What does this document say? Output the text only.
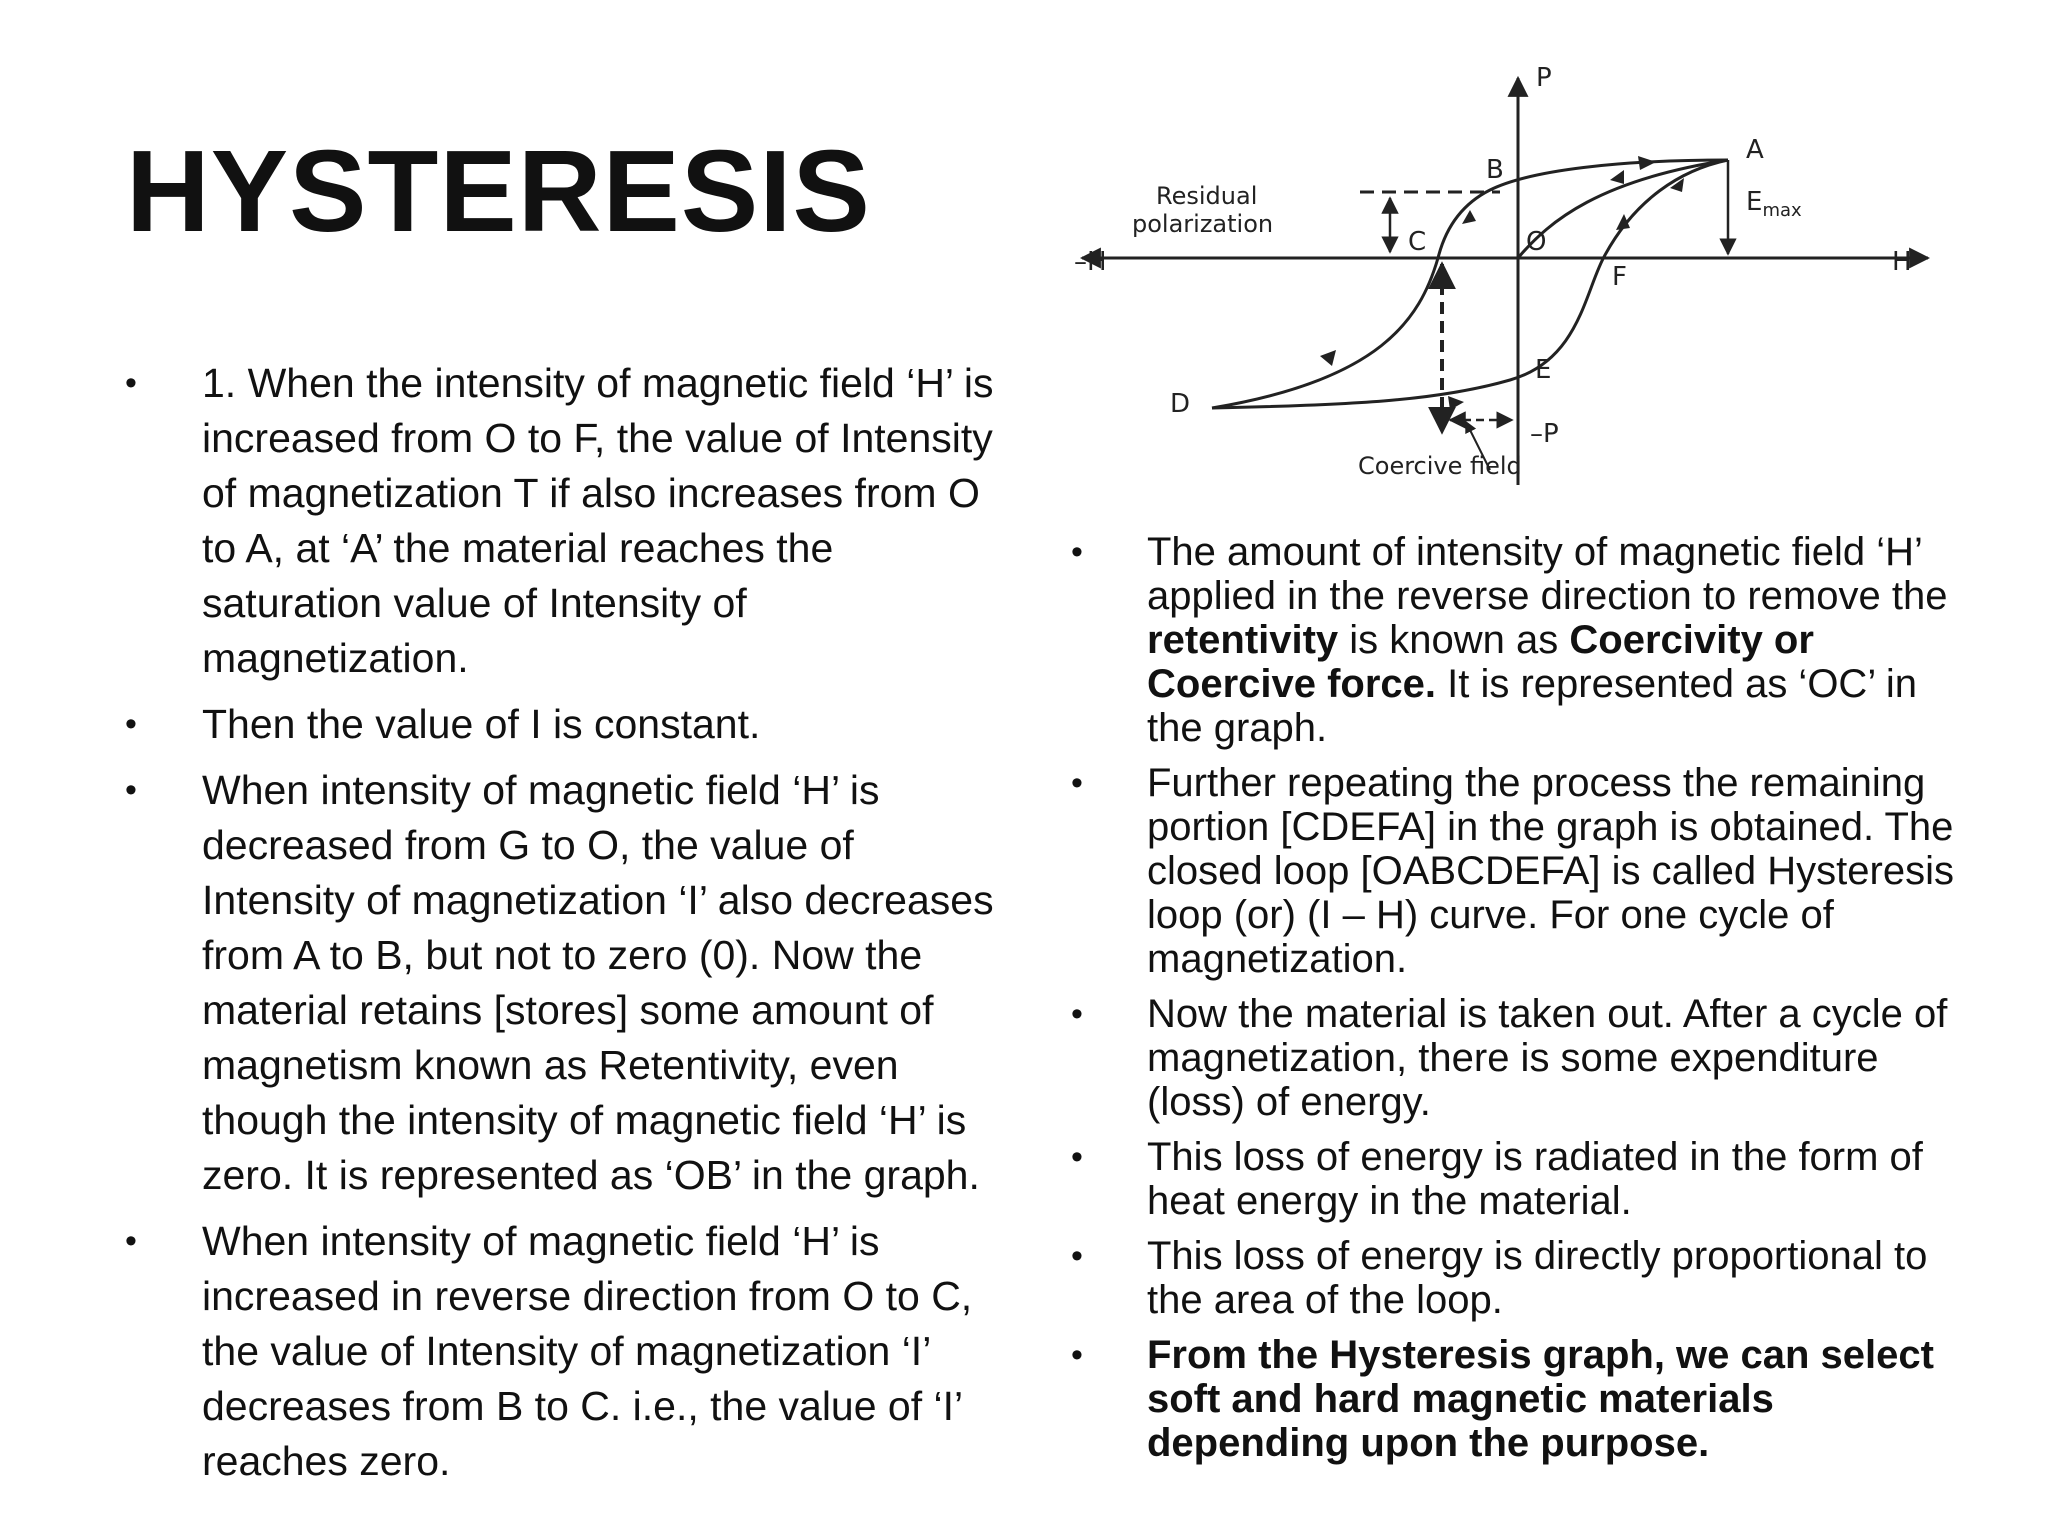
HYSTERESIS
P
H
–H
A
B
C	O
F
D
E
–P
$E_{max}$
Residual
polarization
Coercive field
• 1. When the intensity of magnetic field ‘H’ is increased from O to F, the value of Intensity of magnetization T if also increases from O to A, at ‘A’ the material reaches the saturation value of Intensity of magnetization.
• Then the value of I is constant.
• When intensity of magnetic field ‘H’ is decreased from G to O, the value of Intensity of magnetization ‘I’ also decreases from A to B, but not to zero (0). Now the material retains [stores] some amount of magnetism known as Retentivity, even though the intensity of magnetic field ‘H’ is zero. It is represented as ‘OB’ in the graph.
• When intensity of magnetic field ‘H’ is increased in reverse direction from O to C, the value of Intensity of magnetization ‘I’ decreases from B to C. i.e., the value of ‘I’ reaches zero.
• The amount of intensity of magnetic field ‘H’ applied in the reverse direction to remove the retentivity is known as Coercivity or Coercive force. It is represented as ‘OC’ in the graph.
• Further repeating the process the remaining portion [CDEFA] in the graph is obtained. The closed loop [OABCDEFA] is called Hysteresis loop (or) (I – H) curve. For one cycle of magnetization.
• Now the material is taken out. After a cycle of magnetization, there is some expenditure (loss) of energy.
• This loss of energy is radiated in the form of heat energy in the material.
• This loss of energy is directly proportional to the area of the loop.
• From the Hysteresis graph, we can select soft and hard magnetic materials depending upon the purpose.
